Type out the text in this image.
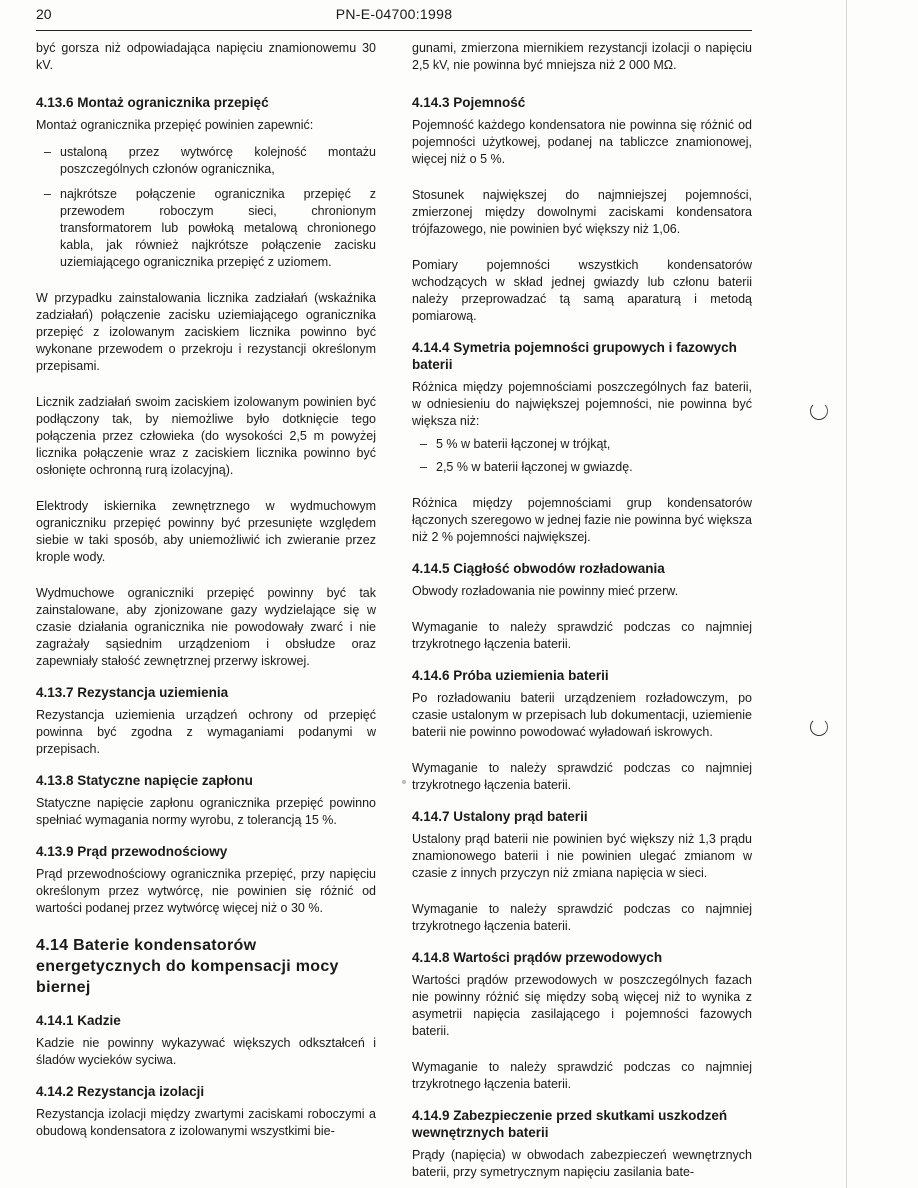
20	PN-E-04700:1998

być gorsza niż odpowiadająca napięciu znamionowemu 30 kV.

4.13.6 Montaż ogranicznika przepięć

Montaż ogranicznika przepięć powinien zapewnić:

– ustaloną przez wytwórcę kolejność montażu poszczególnych członów ogranicznika,
– najkrótsze połączenie ogranicznika przepięć z przewodem roboczym sieci, chronionym transformatorem lub powłoką metalową chronionego kabla, jak również najkrótsze połączenie zacisku uziemiającego ogranicznika przepięć z uziomem.

W przypadku zainstalowania licznika zadziałań (wskaźnika zadziałań) połączenie zacisku uziemiającego ogranicznika przepięć z izolowanym zaciskiem licznika powinno być wykonane przewodem o przekroju i rezystancji określonym przepisami.

Licznik zadziałań swoim zaciskiem izolowanym powinien być podłączony tak, by niemożliwe było dotknięcie tego połączenia przez człowieka (do wysokości 2,5 m powyżej licznika połączenie wraz z zaciskiem licznika powinno być osłonięte ochronną rurą izolacyjną).

Elektrody iskiernika zewnętrznego w wydmuchowym ograniczniku przepięć powinny być przesunięte względem siebie w taki sposób, aby uniemożliwić ich zwieranie przez krople wody.

Wydmuchowe ograniczniki przepięć powinny być tak zainstalowane, aby zjonizowane gazy wydzielające się w czasie działania ogranicznika nie powodowały zwarć i nie zagrażały sąsiednim urządzeniom i obsłudze oraz zapewniały stałość zewnętrznej przerwy iskrowej.

4.13.7 Rezystancja uziemienia

Rezystancja uziemienia urządzeń ochrony od przepięć powinna być zgodna z wymaganiami podanymi w przepisach.

4.13.8 Statyczne napięcie zapłonu

Statyczne napięcie zapłonu ogranicznika przepięć powinno spełniać wymagania normy wyrobu, z tolerancją 15 %.

4.13.9 Prąd przewodnościowy

Prąd przewodnościowy ogranicznika przepięć, przy napięciu określonym przez wytwórcę, nie powinien się różnić od wartości podanej przez wytwórcę więcej niż o 30 %.

4.14 Baterie kondensatorów energetycznych do kompensacji mocy biernej
4.14.1 Kadzie

Kadzie nie powinny wykazywać większych odkształceń i śladów wycieków syciwa.

4.14.2 Rezystancja izolacji

Rezystancja izolacji między zwartymi zaciskami roboczymi a obudową kondensatora z izolowanymi wszystkimi bie-

gunami, zmierzona miernikiem rezystancji izolacji o napięciu 2,5 kV, nie powinna być mniejsza niż 2 000 MΩ.

4.14.3 Pojemność

Pojemność każdego kondensatora nie powinna się różnić od pojemności użytkowej, podanej na tabliczce znamionowej, więcej niż o 5 %.

Stosunek największej do najmniejszej pojemności, zmierzonej między dowolnymi zaciskami kondensatora trójfazowego, nie powinien być większy niż 1,06.

Pomiary pojemności wszystkich kondensatorów wchodzących w skład jednej gwiazdy lub członu baterii należy przeprowadzać tą samą aparaturą i metodą pomiarową.

4.14.4 Symetria pojemności grupowych i fazowych baterii

Różnica między pojemnościami poszczególnych faz baterii, w odniesieniu do największej pojemności, nie powinna być większa niż:

– 5 % w baterii łączonej w trójkąt,
– 2,5 % w baterii łączonej w gwiazdę.

Różnica między pojemnościami grup kondensatorów łączonych szeregowo w jednej fazie nie powinna być większa niż 2 % pojemności największej.

4.14.5 Ciągłość obwodów rozładowania

Obwody rozładowania nie powinny mieć przerw.

Wymaganie to należy sprawdzić podczas co najmniej trzykrotnego łączenia baterii.

4.14.6 Próba uziemienia baterii

Po rozładowaniu baterii urządzeniem rozładowczym, po czasie ustalonym w przepisach lub dokumentacji, uziemienie baterii nie powinno powodować wyładowań iskrowych.

Wymaganie to należy sprawdzić podczas co najmniej trzykrotnego łączenia baterii.

4.14.7 Ustalony prąd baterii

Ustalony prąd baterii nie powinien być większy niż 1,3 prądu znamionowego baterii i nie powinien ulegać zmianom w czasie z innych przyczyn niż zmiana napięcia w sieci.

Wymaganie to należy sprawdzić podczas co najmniej trzykrotnego łączenia baterii.

4.14.8 Wartości prądów przewodowych

Wartości prądów przewodowych w poszczególnych fazach nie powinny różnić się między sobą więcej niż to wynika z asymetrii napięcia zasilającego i pojemności fazowych baterii.

Wymaganie to należy sprawdzić podczas co najmniej trzykrotnego łączenia baterii.

4.14.9 Zabezpieczenie przed skutkami uszkodzeń wewnętrznych baterii

Prądy (napięcia) w obwodach zabezpieczeń wewnętrznych baterii, przy symetrycznym napięciu zasilania bate-
